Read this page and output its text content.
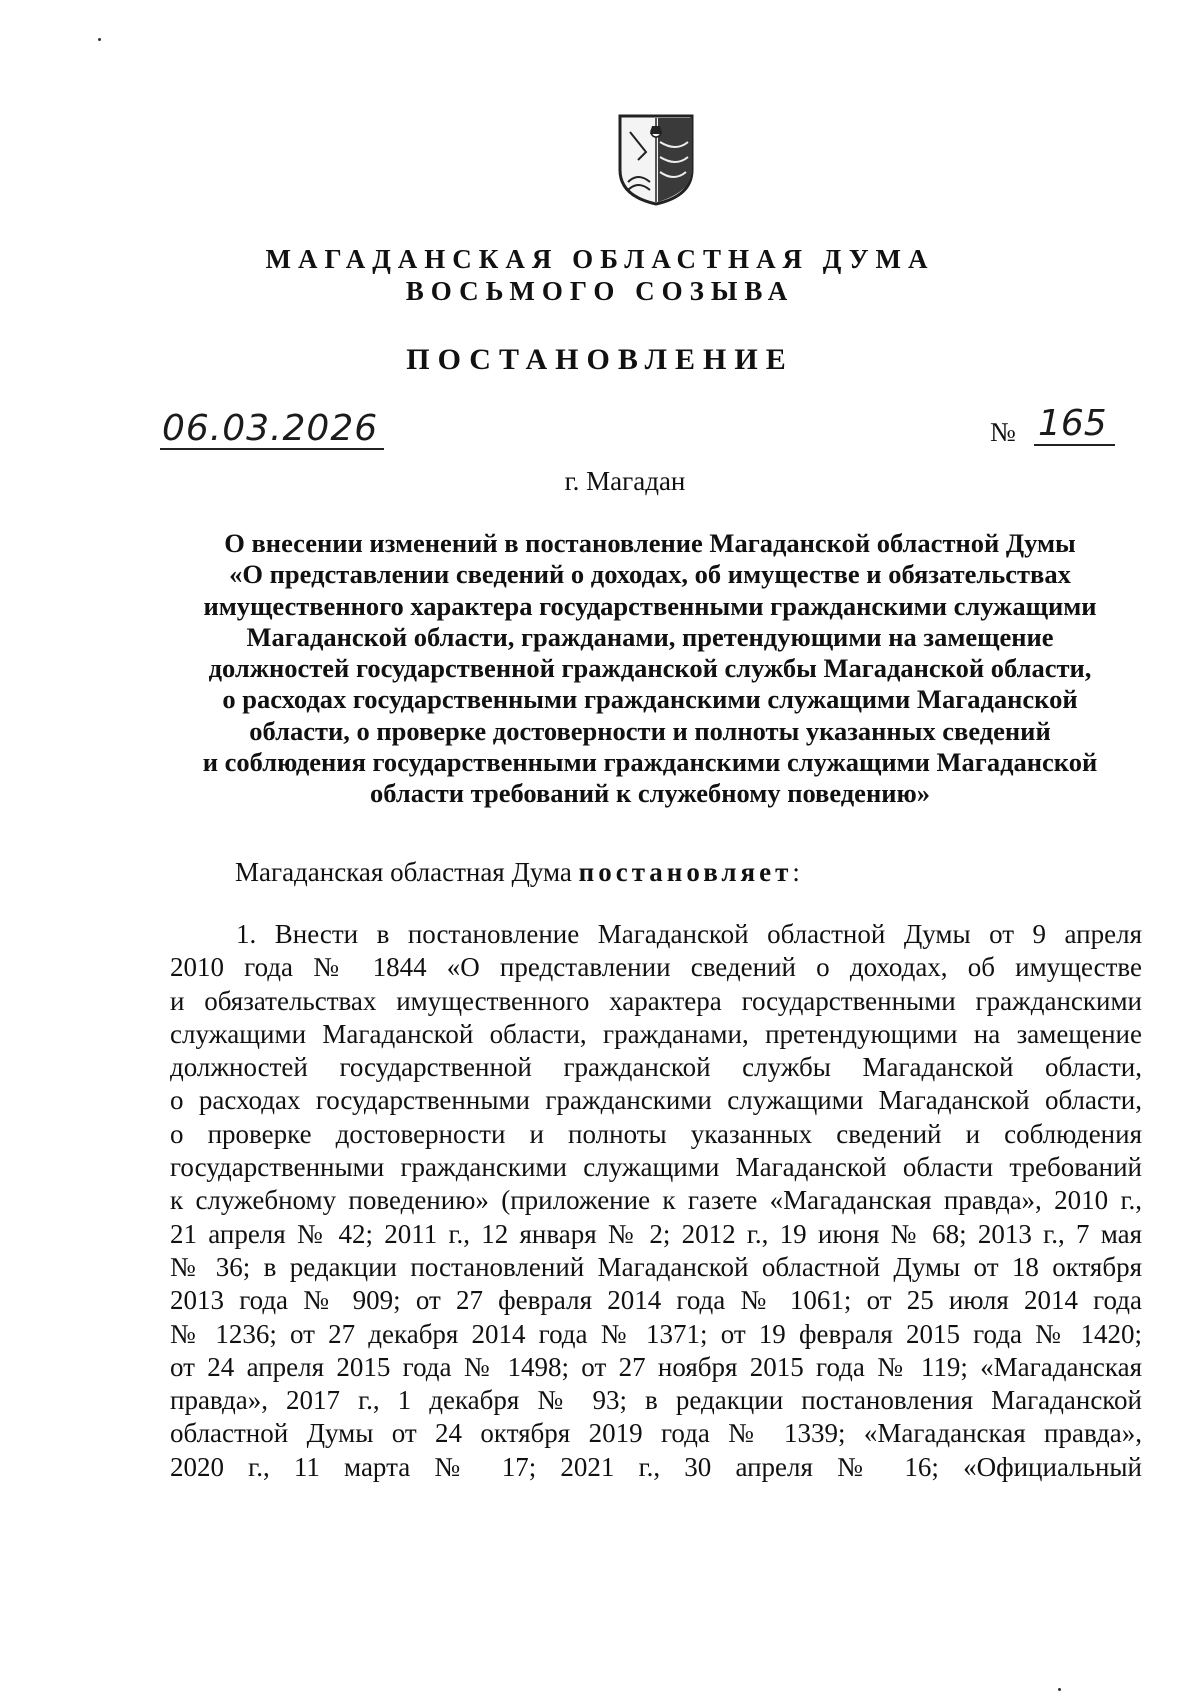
МАГАДАНСКАЯ ОБЛАСТНАЯ ДУМА
ВОСЬМОГО СОЗЫВА
ПОСТАНОВЛЕНИЕ
06.03.2026	№ 165
г. Магадан
О внесении изменений в постановление Магаданской областной Думы
«О представлении сведений о доходах, об имуществе и обязательствах
имущественного характера государственными гражданскими служащими
Магаданской области, гражданами, претендующими на замещение
должностей государственной гражданской службы Магаданской области,
о расходах государственными гражданскими служащими Магаданской
области, о проверке достоверности и полноты указанных сведений
и соблюдения государственными гражданскими служащими Магаданской
области требований к служебному поведению»
Магаданская областная Дума постановляет:
1. Внести в постановление Магаданской областной Думы от 9 апреля
2010 года № 1844 «О представлении сведений о доходах, об имуществе
и обязательствах имущественного характера государственными гражданскими
служащими Магаданской области, гражданами, претендующими на замещение
должностей государственной гражданской службы Магаданской области,
о расходах государственными гражданскими служащими Магаданской области,
о проверке достоверности и полноты указанных сведений и соблюдения
государственными гражданскими служащими Магаданской области требований
к служебному поведению» (приложение к газете «Магаданская правда», 2010 г.,
21 апреля № 42; 2011 г., 12 января № 2; 2012 г., 19 июня № 68; 2013 г., 7 мая
№ 36; в редакции постановлений Магаданской областной Думы от 18 октября
2013 года № 909; от 27 февраля 2014 года № 1061; от 25 июля 2014 года
№ 1236; от 27 декабря 2014 года № 1371; от 19 февраля 2015 года № 1420;
от 24 апреля 2015 года № 1498; от 27 ноября 2015 года № 119; «Магаданская
правда», 2017 г., 1 декабря № 93; в редакции постановления Магаданской
областной Думы от 24 октября 2019 года № 1339; «Магаданская правда»,
2020 г., 11 марта № 17; 2021 г., 30 апреля № 16; «Официальный
